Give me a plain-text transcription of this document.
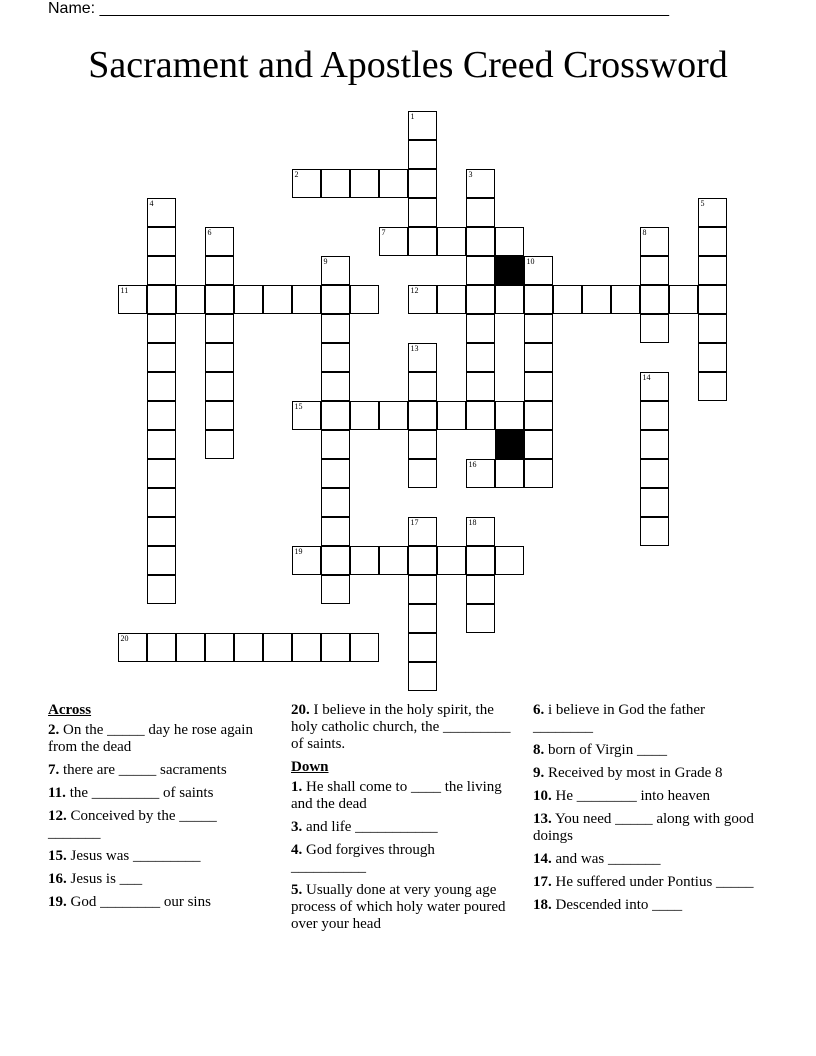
Name: ________________________________________________________________
Sacrament and Apostles Creed Crossword
1
2	3
4	5
6	7	8
9	10
11	12
13
14
15
16
17	18
19
20
Across
2. On the _____ day he rose again from the dead
7. there are _____ sacraments
11. the _________ of saints
12. Conceived by the _____ _______
15. Jesus was _________
16. Jesus is ___
19. God ________ our sins
20. I believe in the holy spirit, the holy catholic church, the _________ of saints.
Down
1. He shall come to ____ the living and the dead
3. and life ___________
4. God forgives through __________
5. Usually done at very young age process of which holy water poured over your head
6. i believe in God the father ________
8. born of Virgin ____
9. Received by most in Grade 8
10. He ________ into heaven
13. You need _____ along with good doings
14. and was _______
17. He suffered under Pontius _____
18. Descended into ____
